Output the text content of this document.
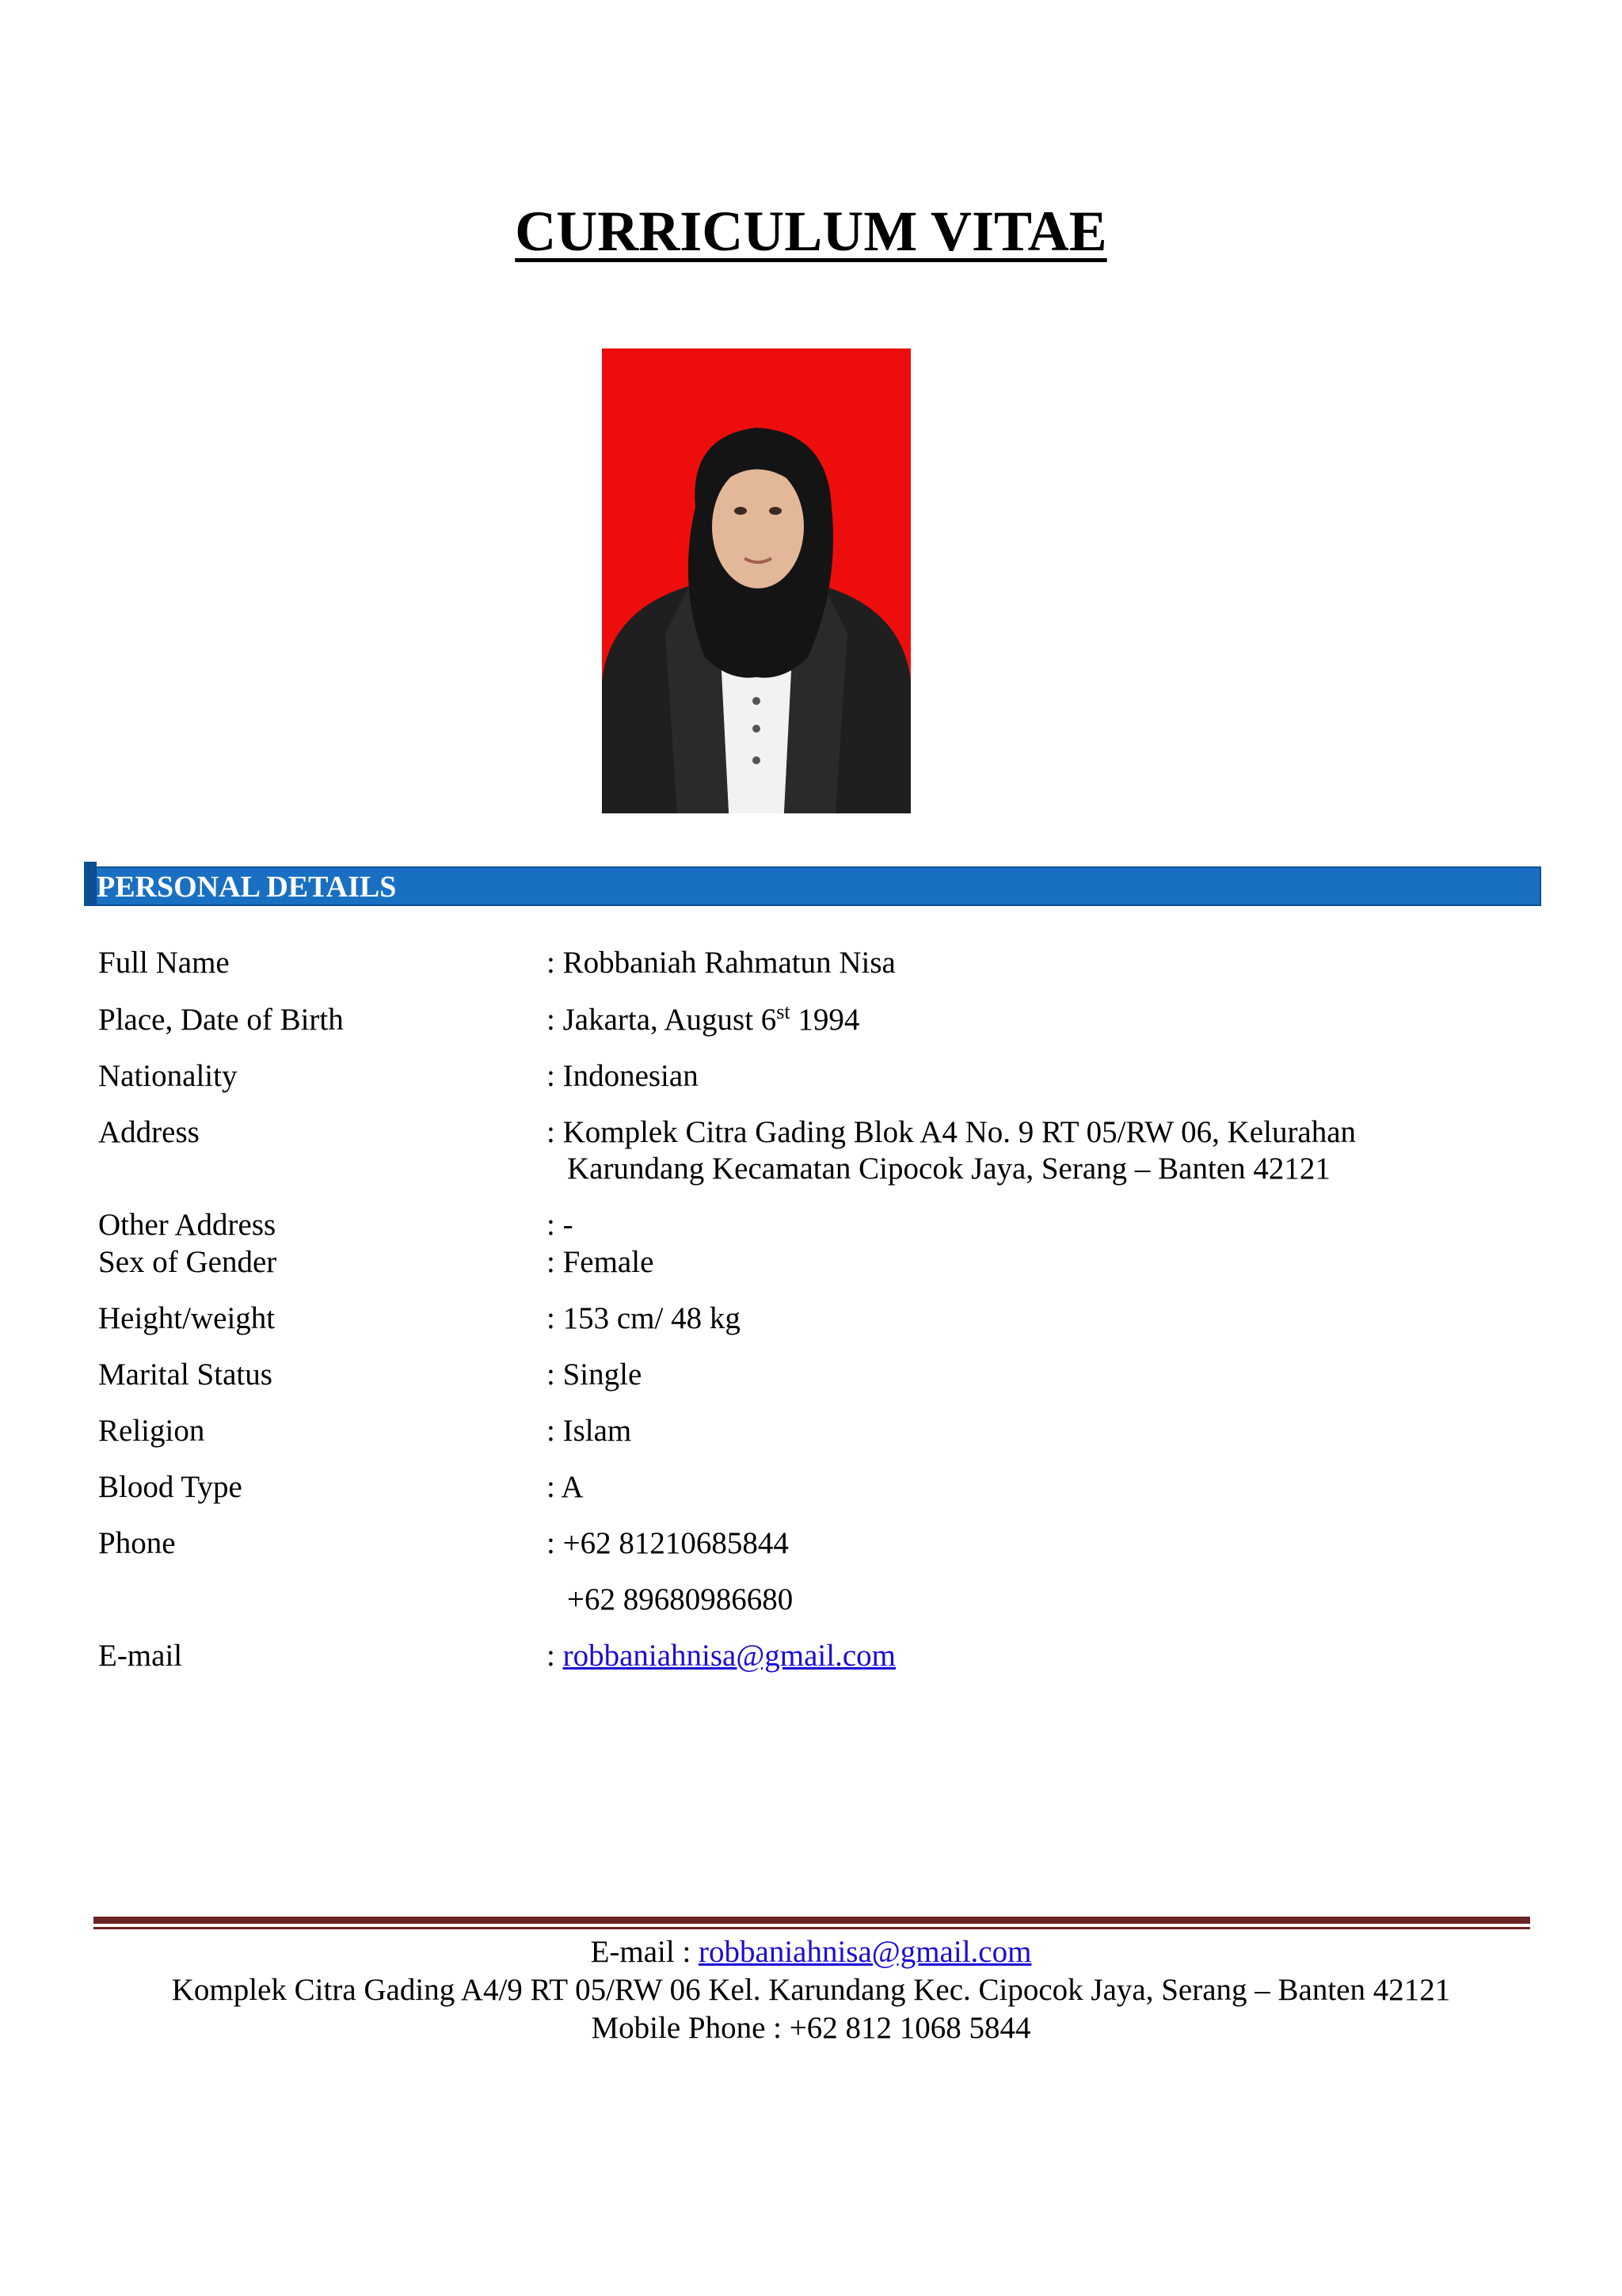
CURRICULUM VITAE
PERSONAL DETAILS
Full Name	: Robbaniah Rahmatun Nisa
Place, Date of Birth	: Jakarta, August 6st 1994
Nationality	: Indonesian
Address	: Komplek Citra Gading Blok A4 No. 9 RT 05/RW 06, Kelurahan
Karundang Kecamatan Cipocok Jaya, Serang – Banten 42121
Other Address	: -
Sex of Gender	: Female
Height/weight	: 153 cm/ 48 kg
Marital Status	: Single
Religion	: Islam
Blood Type	: A
Phone	: +62 81210685844
+62 89680986680
E-mail	: robbaniahnisa@gmail.com
E-mail : robbaniahnisa@gmail.com
Komplek Citra Gading A4/9 RT 05/RW 06 Kel. Karundang Kec. Cipocok Jaya, Serang – Banten 42121
Mobile Phone : +62 812 1068 5844
